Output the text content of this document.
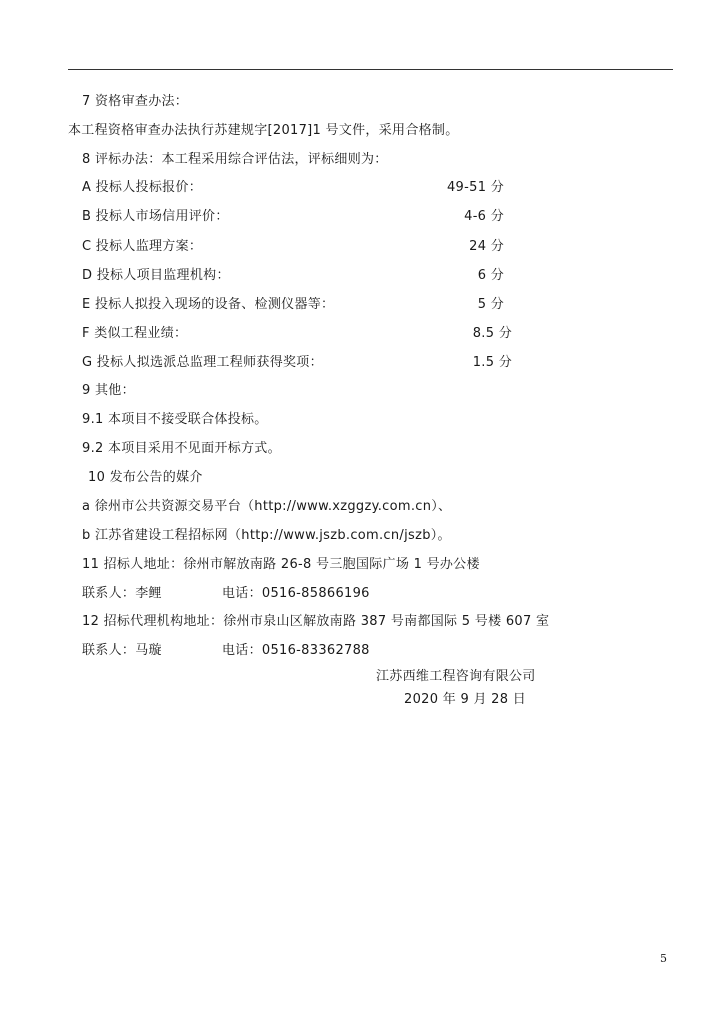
7 资格审查办法：
本工程资格审查办法执行苏建规字[2017]1 号文件，采用合格制。
8 评标办法：本工程采用综合评估法，评标细则为：
A 投标人投标报价：	49-51 分
B 投标人市场信用评价：	4-6 分
C 投标人监理方案：	24 分
D 投标人项目监理机构：	6 分
E 投标人拟投入现场的设备、检测仪器等：	5 分
F 类似工程业绩：	8.5 分
G 投标人拟选派总监理工程师获得奖项：	1.5 分
9 其他：
9.1 本项目不接受联合体投标。
9.2 本项目采用不见面开标方式。
10 发布公告的媒介
a 徐州市公共资源交易平台（http://www.xzggzy.com.cn）、
b 江苏省建设工程招标网（http://www.jszb.com.cn/jszb）。
11 招标人地址：徐州市解放南路 26-8 号三胞国际广场 1 号办公楼
联系人：李鲤	电话：0516-85866196
12 招标代理机构地址：徐州市泉山区解放南路 387 号南都国际 5 号楼 607 室
联系人：马璇	电话：0516-83362788
江苏西维工程咨询有限公司
2020 年 9 月 28 日
5
